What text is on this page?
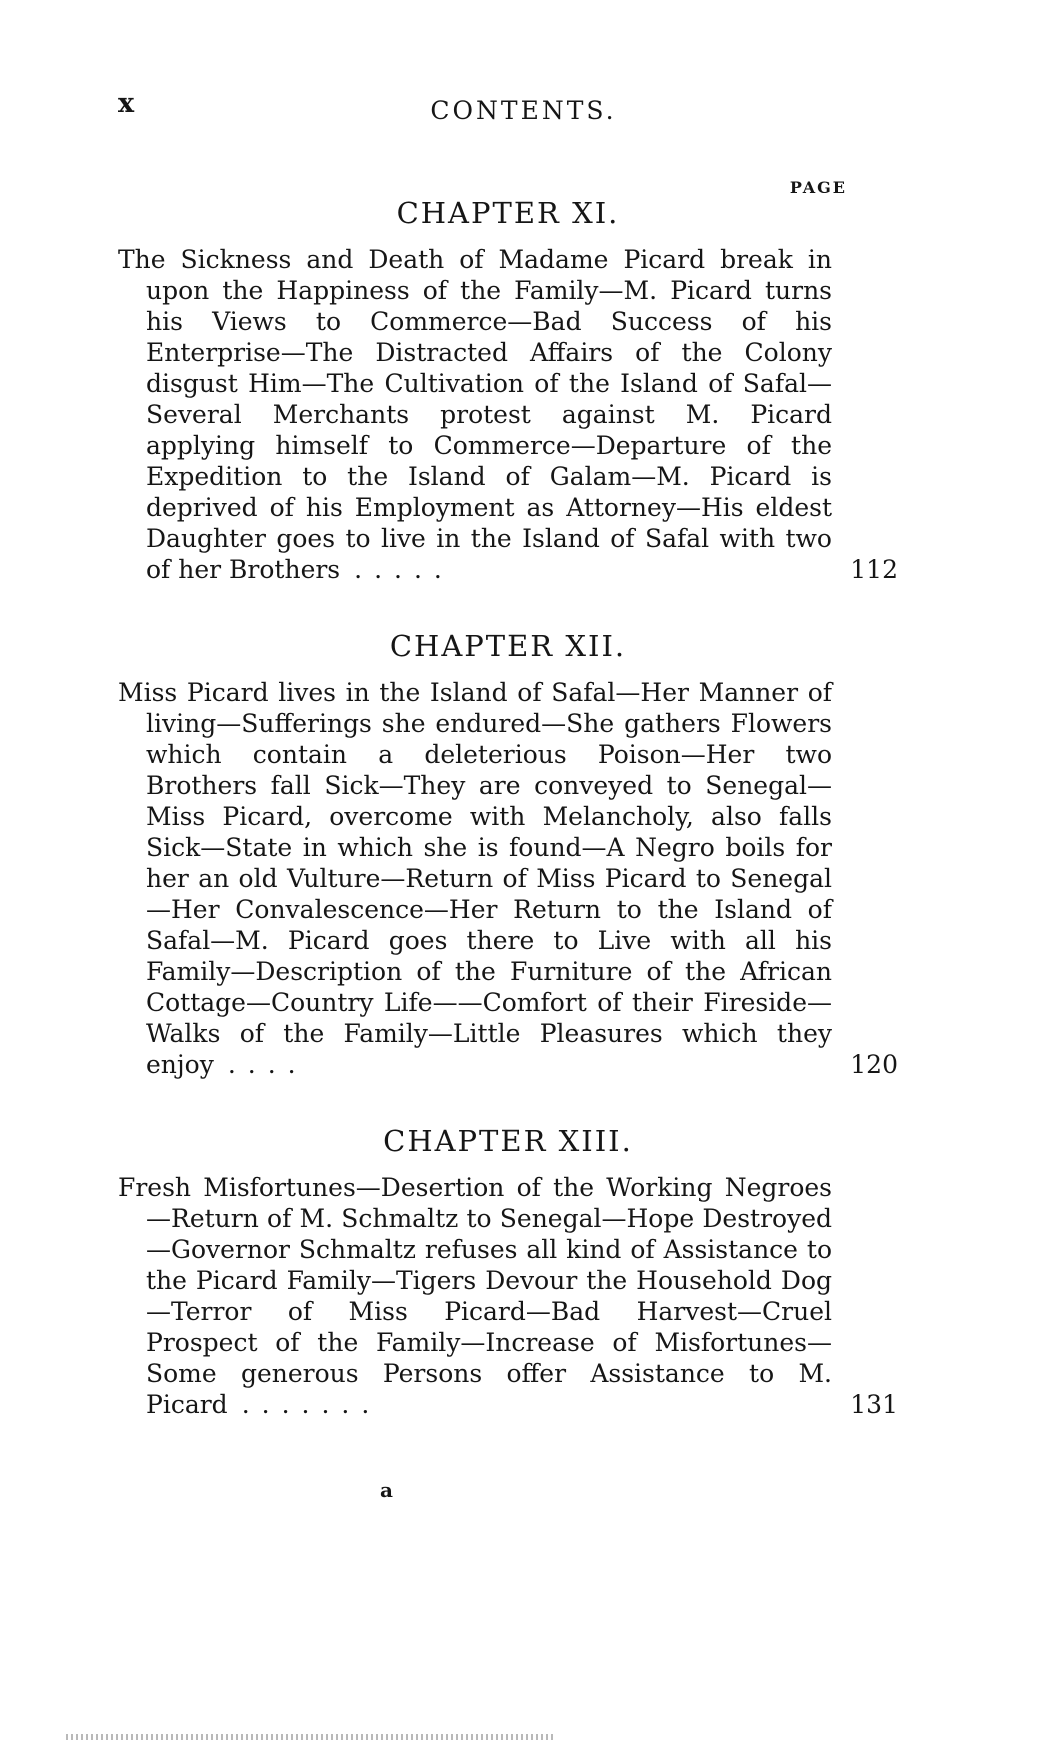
x	CONTENTS.
PAGE
CHAPTER XI.

The Sickness and Death of Madame Picard break in upon the Happiness of the Family—M. Picard turns his Views to Commerce—Bad Success of his Enterprise—The Distracted Affairs of the Colony disgust Him—The Cultivation of the Island of Safal—Several Merchants protest against M. Picard applying himself to Commerce—Departure of the Expedition to the Island of Galam—M. Picard is deprived of his Employment as Attorney—His eldest Daughter goes to live in the Island of Safal with two of her Brothers .....	112
CHAPTER XII.

Miss Picard lives in the Island of Safal—Her Manner of living—Sufferings she endured—She gathers Flowers which contain a deleterious Poison—Her two Brothers fall Sick—They are conveyed to Senegal—Miss Picard, overcome with Melancholy, also falls Sick—State in which she is found—A Negro boils for her an old Vulture—Return of Miss Picard to Senegal—Her Convalescence—Her Return to the Island of Safal—M. Picard goes there to Live with all his Family—Description of the Furniture of the African Cottage—Country Life——Comfort of their Fireside—Walks of the Family—Little Pleasures which they enjoy ....	120
CHAPTER XIII.

Fresh Misfortunes—Desertion of the Working Negroes—Return of M. Schmaltz to Senegal—Hope Destroyed—Governor Schmaltz refuses all kind of Assistance to the Picard Family—Tigers Devour the Household Dog—Terror of Miss Picard—Bad Harvest—Cruel Prospect of the Family—Increase of Misfortunes—Some generous Persons offer Assistance to M. Picard .......	131
a
